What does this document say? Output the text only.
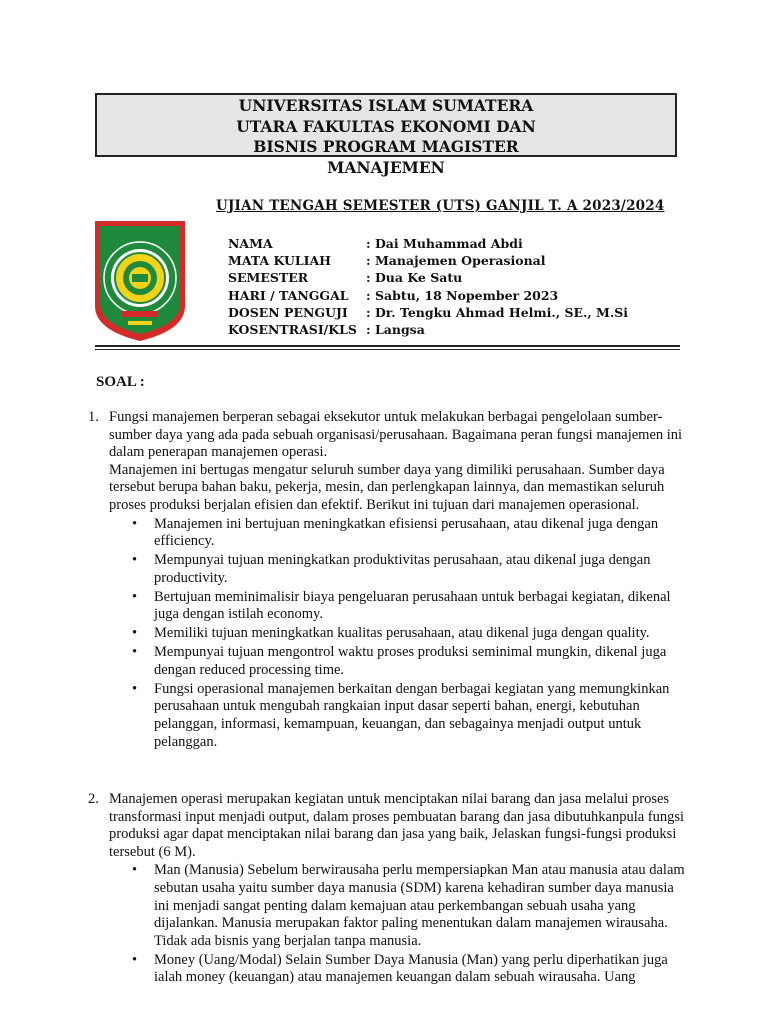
UNIVERSITAS ISLAM SUMATERA
UTARA FAKULTAS EKONOMI DAN
BISNIS PROGRAM MAGISTER
MANAJEMEN

UJIAN TENGAH SEMESTER (UTS) GANJIL T. A 2023/2024

NAMA	: Dai Muhammad Abdi
MATA KULIAH	: Manajemen Operasional
SEMESTER	: Dua Ke Satu
HARI / TANGGAL	: Sabtu, 18 Nopember 2023
DOSEN PENGUJI	: Dr. Tengku Ahmad Helmi., SE., M.Si
KOSENTRASI/KLS : Langsa

SOAL :

1. Fungsi manajemen berperan sebagai eksekutor untuk melakukan berbagai pengelolaan sumber-sumber daya yang ada pada sebuah organisasi/perusahaan. Bagaimana peran fungsi manajemen ini dalam penerapan manajemen operasi.

Manajemen ini bertugas mengatur seluruh sumber daya yang dimiliki perusahaan. Sumber daya tersebut berupa bahan baku, pekerja, mesin, dan perlengkapan lainnya, dan memastikan seluruh proses produksi berjalan efisien dan efektif. Berikut ini tujuan dari manajemen operasional.

• Manajemen ini bertujuan meningkatkan efisiensi perusahaan, atau dikenal juga dengan efficiency.
• Mempunyai tujuan meningkatkan produktivitas perusahaan, atau dikenal juga dengan productivity.
• Bertujuan meminimalisir biaya pengeluaran perusahaan untuk berbagai kegiatan, dikenal juga dengan istilah economy.
• Memiliki tujuan meningkatkan kualitas perusahaan, atau dikenal juga dengan quality.
• Mempunyai tujuan mengontrol waktu proses produksi seminimal mungkin, dikenal juga dengan reduced processing time.
• Fungsi operasional manajemen berkaitan dengan berbagai kegiatan yang memungkinkan perusahaan untuk mengubah rangkaian input dasar seperti bahan, energi, kebutuhan pelanggan, informasi, kemampuan, keuangan, dan sebagainya menjadi output untuk pelanggan.
2. Manajemen operasi merupakan kegiatan untuk menciptakan nilai barang dan jasa melalui proses transformasi input menjadi output, dalam proses pembuatan barang dan jasa dibutuhkanpula fungsi produksi agar dapat menciptakan nilai barang dan jasa yang baik, Jelaskan fungsi-fungsi produksi tersebut (6 M).

• Man (Manusia) Sebelum berwirausaha perlu mempersiapkan Man atau manusia atau dalam sebutan usaha yaitu sumber daya manusia (SDM) karena kehadiran sumber daya manusia ini menjadi sangat penting dalam kemajuan atau perkembangan sebuah usaha yang dijalankan. Manusia merupakan faktor paling menentukan dalam manajemen wirausaha. Tidak ada bisnis yang berjalan tanpa manusia.
• Money (Uang/Modal) Selain Sumber Daya Manusia (Man) yang perlu diperhatikan juga ialah money (keuangan) atau manajemen keuangan dalam sebuah wirausaha. Uang
